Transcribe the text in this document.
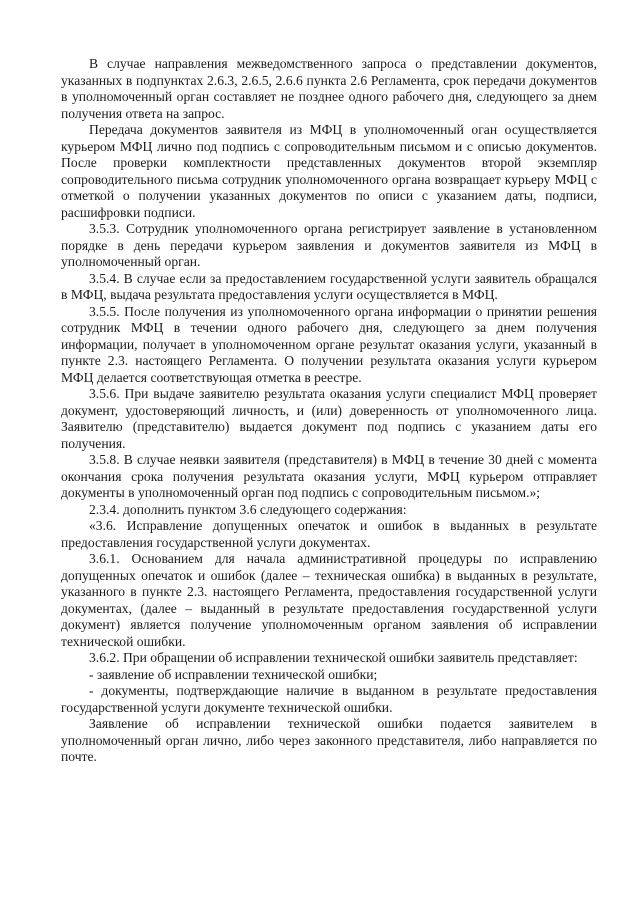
В случае направления межведомственного запроса о представлении документов, указанных в подпунктах 2.6.3, 2.6.5, 2.6.6 пункта 2.6 Регламента, срок передачи документов в уполномоченный орган составляет не позднее одного рабочего дня, следующего за днем получения ответа на запрос.

Передача документов заявителя из МФЦ в уполномоченный оган осуществляется курьером МФЦ лично под подпись с сопроводительным письмом и с описью документов. После проверки комплектности представленных документов второй экземпляр сопроводительного письма сотрудник уполномоченного органа возвращает курьеру МФЦ с отметкой о получении указанных документов по описи с указанием даты, подписи, расшифровки подписи.

3.5.3. Сотрудник уполномоченного органа регистрирует заявление в установленном порядке в день передачи курьером заявления и документов заявителя из МФЦ в уполномоченный орган.

3.5.4. В случае если за предоставлением государственной услуги заявитель обращался в МФЦ, выдача результата предоставления услуги осуществляется в МФЦ.

3.5.5. После получения из уполномоченного органа информации о принятии решения сотрудник МФЦ в течении одного рабочего дня, следующего за днем получения информации, получает в уполномоченном органе результат оказания услуги, указанный в пункте 2.3. настоящего Регламента. О получении результата оказания услуги курьером МФЦ делается соответствующая отметка в реестре.

3.5.6. При выдаче заявителю результата оказания услуги специалист МФЦ проверяет документ, удостоверяющий личность, и (или) доверенность от уполномоченного лица. Заявителю (представителю) выдается документ под подпись с указанием даты его получения.

3.5.8. В случае неявки заявителя (представителя) в МФЦ в течение 30 дней с момента окончания срока получения результата оказания услуги, МФЦ курьером отправляет документы в уполномоченный орган под подпись с сопроводительным письмом.»;

2.3.4. дополнить пунктом 3.6 следующего содержания:

«3.6. Исправление допущенных опечаток и ошибок в выданных в результате предоставления государственной услуги документах.

3.6.1. Основанием для начала административной процедуры по исправлению допущенных опечаток и ошибок (далее – техническая ошибка) в выданных в результате, указанного в пункте 2.3. настоящего Регламента, предоставления государственной услуги документах, (далее – выданный в результате предоставления государственной услуги документ) является получение уполномоченным органом заявления об исправлении технической ошибки.

3.6.2. При обращении об исправлении технической ошибки заявитель представляет:

- заявление об исправлении технической ошибки;

- документы, подтверждающие наличие в выданном в результате предоставления государственной услуги документе технической ошибки.

Заявление об исправлении технической ошибки подается заявителем в уполномоченный орган лично, либо через законного представителя, либо направляется по почте.
